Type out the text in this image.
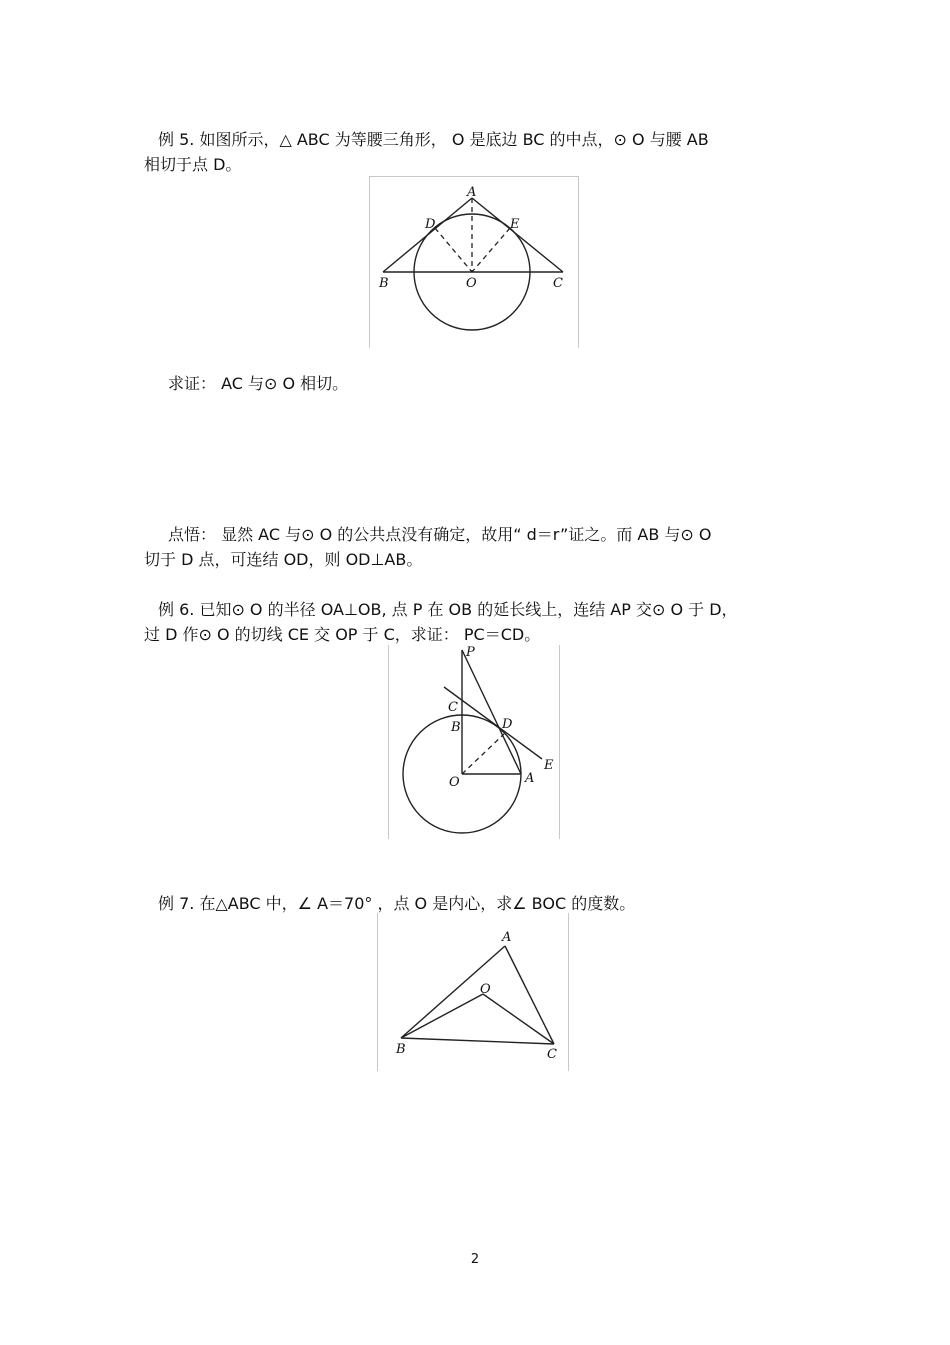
例 5. 如图所示，△ ABC 为等腰三角形， O 是底边 BC 的中点，⊙ O 与腰 AB
相切于点 D。
A
D	E
B	O	C
求证： AC 与⊙ O 相切。
点悟： 显然 AC 与⊙ O 的公共点没有确定，故用“ d＝r”证之。而 AB 与⊙ O
切于 D 点，可连结 OD，则 OD⊥AB。
例 6. 已知⊙ O 的半径 OA⊥OB, 点 P 在 OB 的延长线上，连结 AP 交⊙ O 于 D，
过 D 作⊙ O 的切线 CE 交 OP 于 C，求证： PC＝CD。
P
C
B	D
E
O	A
例 7. 在△ABC 中，∠ A＝70° ，点 O 是内心，求∠ BOC 的度数。
A
O
B	C
2
